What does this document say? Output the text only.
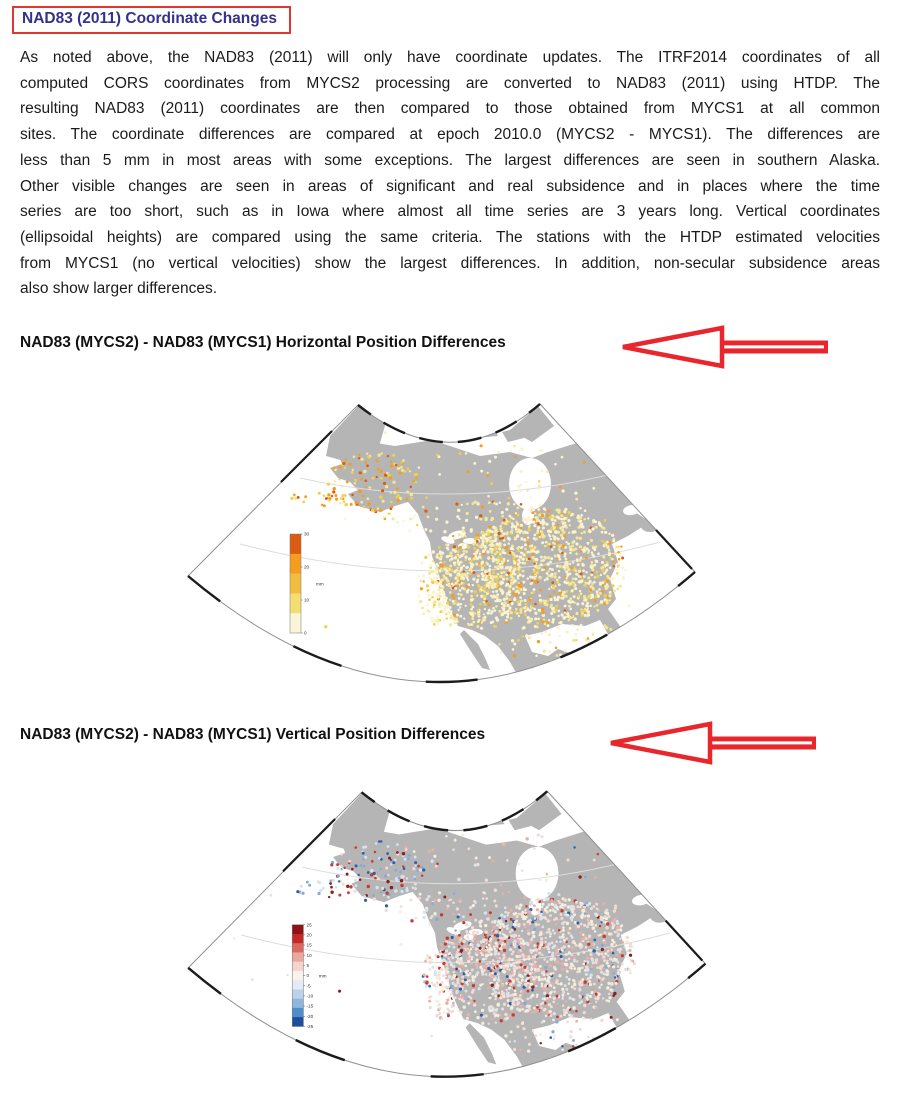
NAD83 (2011) Coordinate Changes
As noted above, the NAD83 (2011) will only have coordinate updates. The ITRF2014 coordinates of all
computed CORS coordinates from MYCS2 processing are converted to NAD83 (2011) using HTDP. The
resulting NAD83 (2011) coordinates are then compared to those obtained from MYCS1 at all common
sites. The coordinate differences are compared at epoch 2010.0 (MYCS2 - MYCS1). The differences are
less than 5 mm in most areas with some exceptions. The largest differences are seen in southern Alaska.
Other visible changes are seen in areas of significant and real subsidence and in places where the time
series are too short, such as in Iowa where almost all time series are 3 years long. Vertical coordinates
(ellipsoidal heights) are compared using the same criteria. The stations with the HTDP estimated velocities
from MYCS1 (no vertical velocities) show the largest differences. In addition, non-secular subsidence areas
also show larger differences.
NAD83 (MYCS2) - NAD83 (MYCS1) Horizontal Position Differences
30
20
10
0
mm
NAD83 (MYCS2) - NAD83 (MYCS1) Vertical Position Differences
25
20
15
10
5
0
-5
-10
-15
-20
-25
mm
